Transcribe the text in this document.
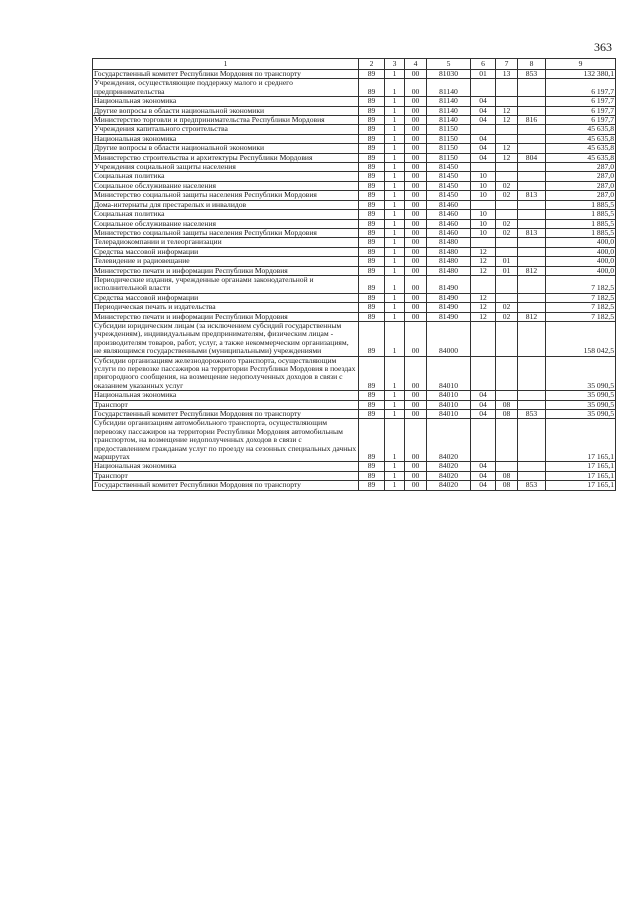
363
1	2	3	4	5	6	7	8	9
Государственный комитет Республики Мордовия по транспорту	89	1	00	81030	01	13	853	132 380,1
Учреждения, осуществляющие поддержку малого и среднего предпринимательства	89	1	00	81140				6 197,7
Национальная экономика	89	1	00	81140	04			6 197,7
Другие вопросы в области национальной экономики	89	1	00	81140	04	12		6 197,7
Министерство торговли и предпринимательства Республики Мордовия	89	1	00	81140	04	12	816	6 197,7
Учреждения капитального строительства	89	1	00	81150				45 635,8
Национальная экономика	89	1	00	81150	04			45 635,8
Другие вопросы в области национальной экономики	89	1	00	81150	04	12		45 635,8
Министерство строительства и архитектуры Республики Мордовия	89	1	00	81150	04	12	804	45 635,8
Учреждения социальной защиты населения	89	1	00	81450				287,0
Социальная политика	89	1	00	81450	10			287,0
Социальное обслуживание населения	89	1	00	81450	10	02		287,0
Министерство социальной защиты населения Республики Мордовия	89	1	00	81450	10	02	813	287,0
Дома-интернаты для престарелых и инвалидов	89	1	00	81460				1 885,5
Социальная политика	89	1	00	81460	10			1 885,5
Социальное обслуживание населения	89	1	00	81460	10	02		1 885,5
Министерство социальной защиты населения Республики Мордовия	89	1	00	81460	10	02	813	1 885,5
Телерадиокомпании и телеорганизации	89	1	00	81480				400,0
Средства массовой информации	89	1	00	81480	12			400,0
Телевидение и радиовещание	89	1	00	81480	12	01		400,0
Министерство печати и информации Республики Мордовия	89	1	00	81480	12	01	812	400,0
Периодические издания, учрежденные органами законодательной и исполнительной власти	89	1	00	81490				7 182,5
Средства массовой информации	89	1	00	81490	12			7 182,5
Периодическая печать и издательства	89	1	00	81490	12	02		7 182,5
Министерство печати и информации Республики Мордовия	89	1	00	81490	12	02	812	7 182,5
Субсидии юридическим лицам (за исключением субсидий государственным учреждениям), индивидуальным предпринимателям, физическим лицам - производителям товаров, работ, услуг, а также некоммерческим организациям, не являющимся государственными (муниципальными) учреждениями	89	1	00	84000				158 042,5
Субсидии организациям железнодорожного транспорта, осуществляющим услуги по перевозке пассажиров на территории Республики Мордовия в поездах пригородного сообщения, на возмещение недополученных доходов в связи с оказанием указанных услуг	89	1	00	84010				35 090,5
Национальная экономика	89	1	00	84010	04			35 090,5
Транспорт	89	1	00	84010	04	08		35 090,5
Государственный комитет Республики Мордовия по транспорту	89	1	00	84010	04	08	853	35 090,5
Субсидии организациям автомобильного транспорта, осуществляющим перевозку пассажиров на территории Республики Мордовия автомобильным транспортом, на возмещение недополученных доходов в связи с предоставлением гражданам услуг по проезду на сезонных специальных дачных маршрутах	89	1	00	84020				17 165,1
Национальная экономика	89	1	00	84020	04			17 165,1
Транспорт	89	1	00	84020	04	08		17 165,1
Государственный комитет Республики Мордовия по транспорту	89	1	00	84020	04	08	853	17 165,1
